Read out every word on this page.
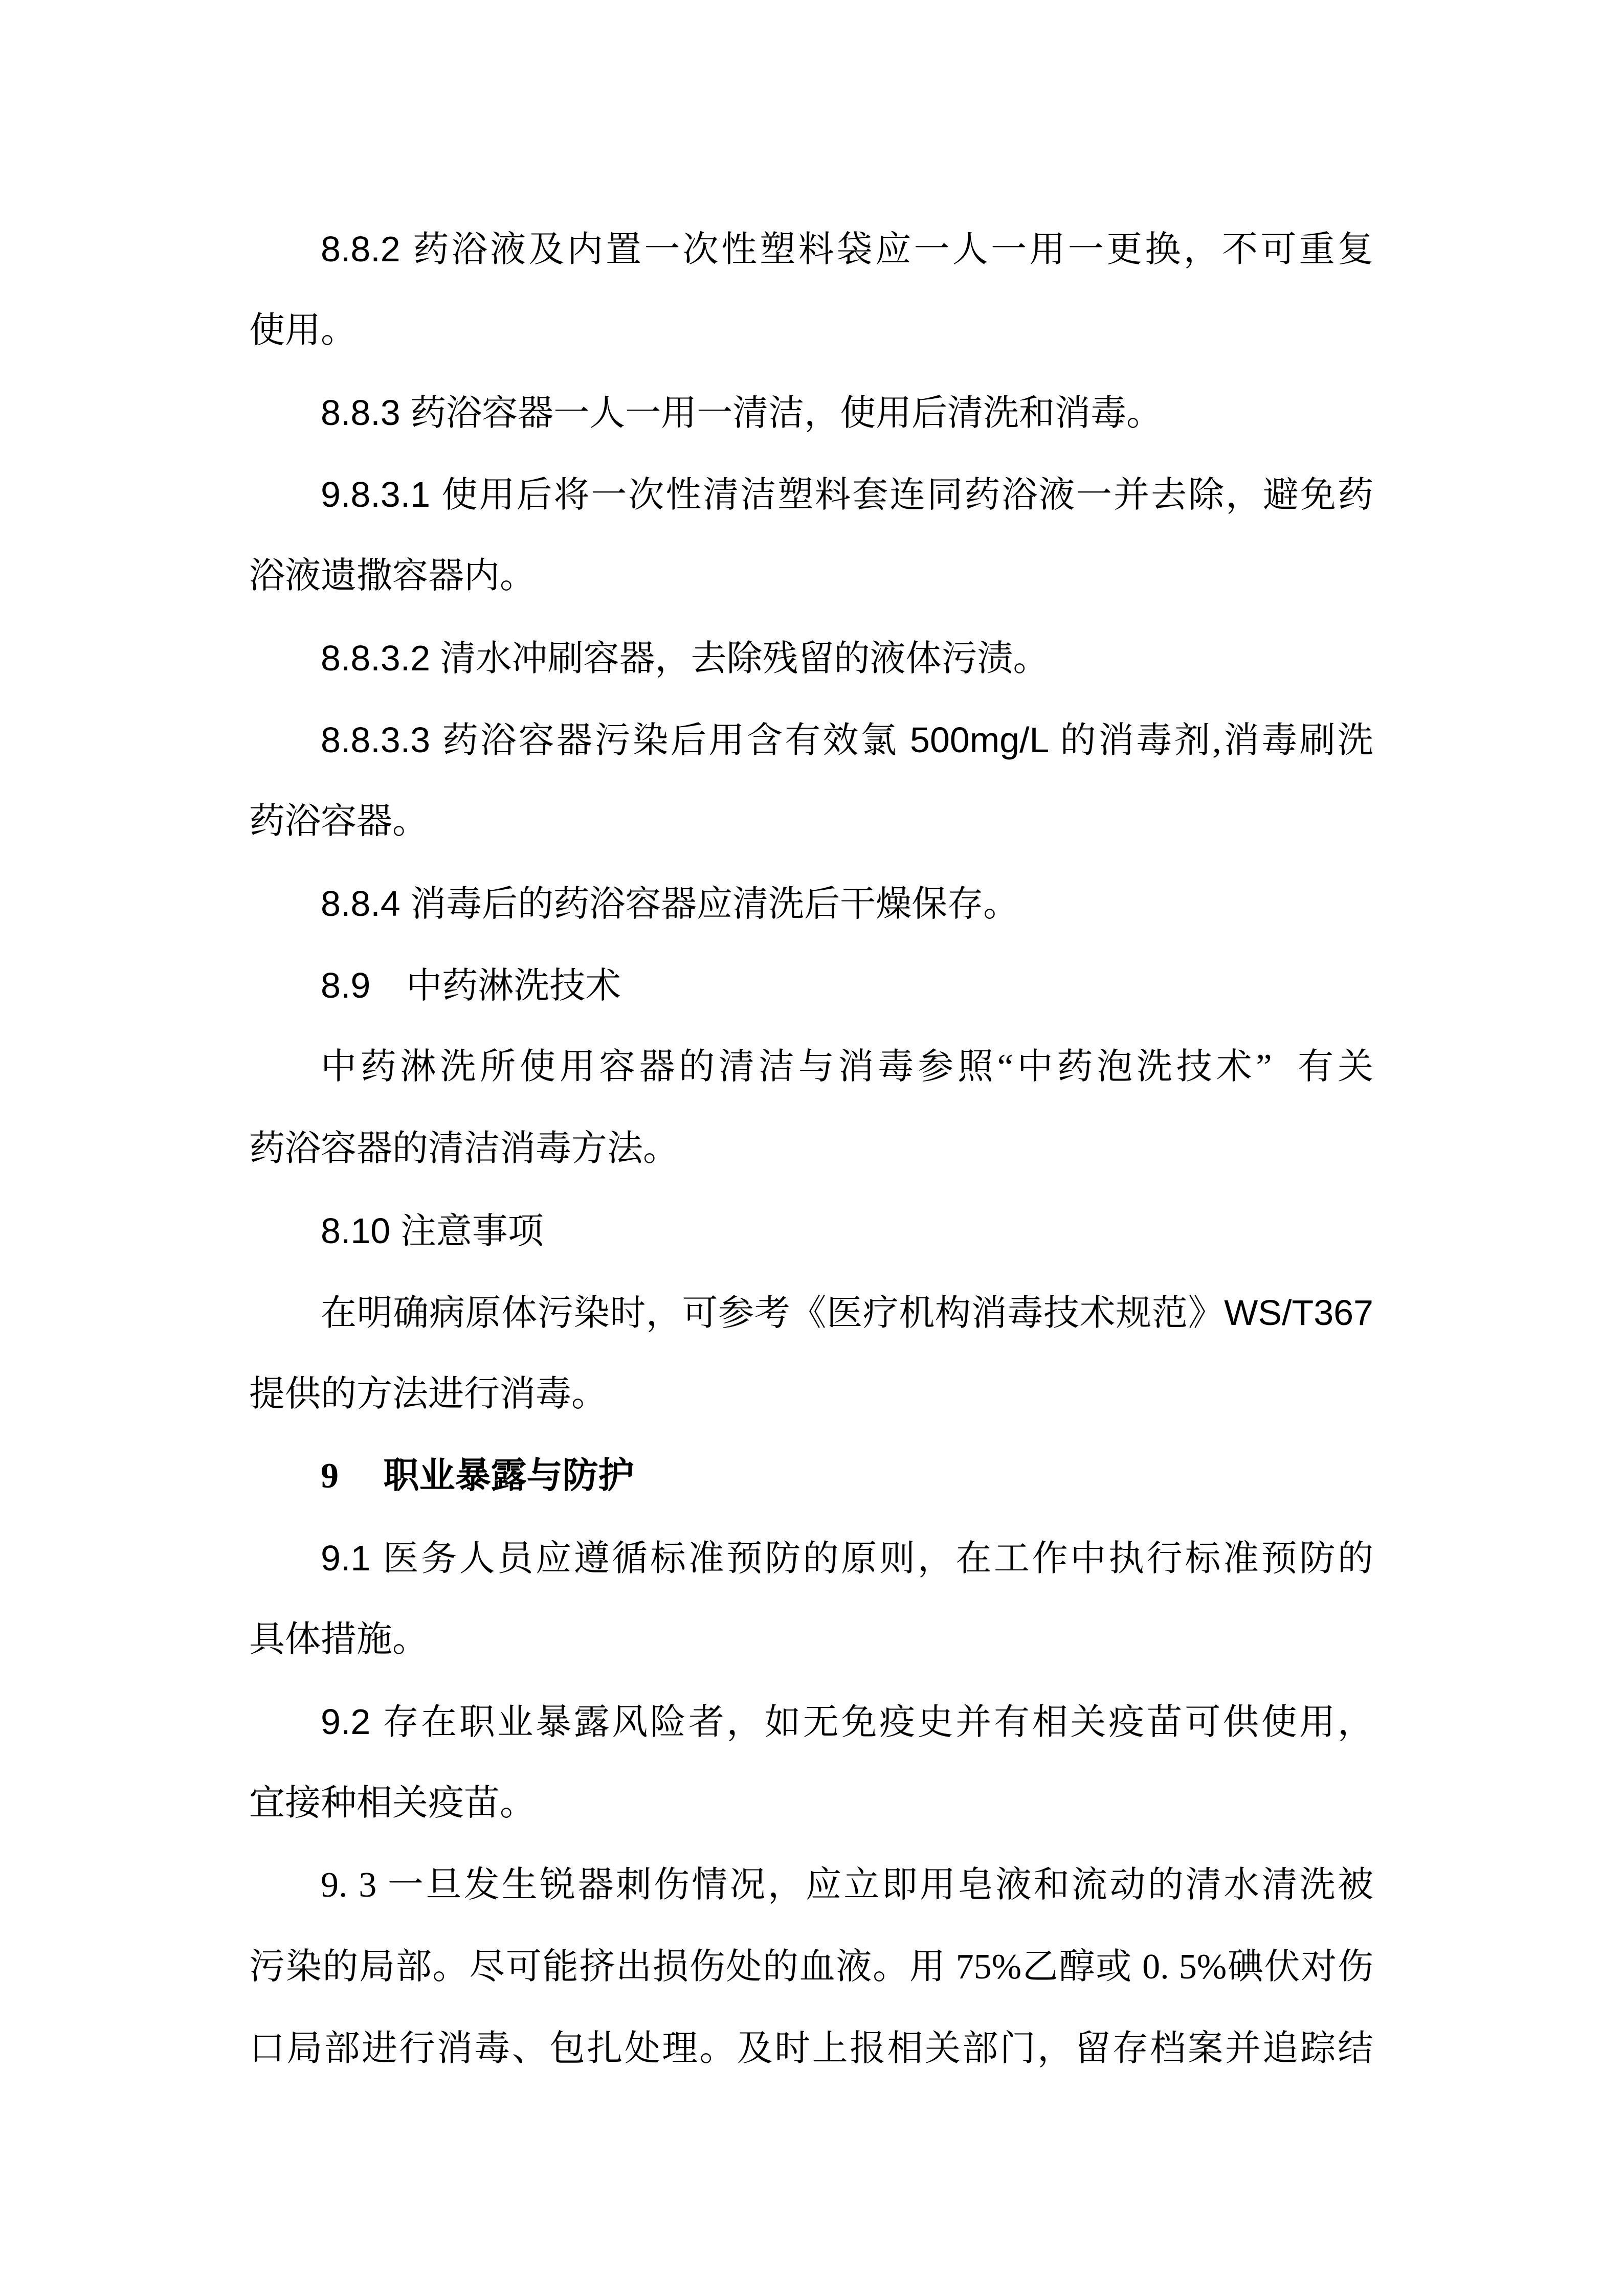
8.8.2 药浴液及内置一次性塑料袋应一人一用一更换，不可重复
使用。
8.8.3 药浴容器一人一用一清洁，使用后清洗和消毒。
9.8.3.1 使用后将一次性清洁塑料套连同药浴液一并去除，避免药
浴液遗撒容器内。
8.8.3.2 清水冲刷容器，去除残留的液体污渍。
8.8.3.3 药浴容器污染后用含有效氯 500mg/L 的消毒剂,消毒刷洗
药浴容器。
8.8.4 消毒后的药浴容器应清洗后干燥保存。
8.9　中药淋洗技术
中药淋洗所使用容器的清洁与消毒参照“中药泡洗技术”  有关
药浴容器的清洁消毒方法。
8.10 注意事项
在明确病原体污染时，可参考《医疗机构消毒技术规范》WS/T367
提供的方法进行消毒。
9　 职业暴露与防护
9.1 医务人员应遵循标准预防的原则，在工作中执行标准预防的
具体措施。
9.2 存在职业暴露风险者，如无免疫史并有相关疫苗可供使用，
宜接种相关疫苗。
9. 3 一旦发生锐器刺伤情况，应立即用皂液和流动的清水清洗被
污染的局部。尽可能挤出损伤处的血液。用 75%乙醇或 0. 5%碘伏对伤
口局部进行消毒、包扎处理。及时上报相关部门，留存档案并追踪结
